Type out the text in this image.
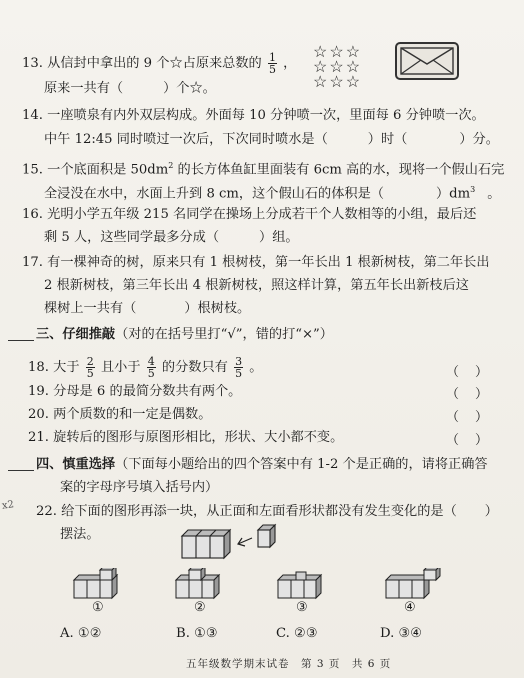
13. 从信封中拿出的 9 个☆占原来总数的 $\frac{1}{5}$ ，
原来一共有（	）个☆。
☆☆☆
☆☆☆
☆☆☆
14. 一座喷泉有内外双层构成。外面每 10 分钟喷一次，里面每 6 分钟喷一次。
中午 12:45 同时喷过一次后，下次同时喷水是（	）时（	）分。
15. 一个底面积是 $50dm^2$ 的长方体鱼缸里面装有 6cm 高的水，现将一个假山石完
全浸没在水中，水面上升到 8 cm，这个假山石的体积是（	）$dm^3$ 。
16. 光明小学五年级 215 名同学在操场上分成若干个人数相等的小组，最后还
剩 5 人，这些同学最多分成（	）组。
17. 有一棵神奇的树，原来只有 1 根树枝，第一年长出 1 根新树枝，第二年长出
2 根新树枝，第三年长出 4 根新树枝，照这样计算，第五年长出新枝后这
棵树上一共有（	）根树枝。
三、仔细推敲（对的在括号里打“√”，错的打“×”）
18. 大于 $\frac{2}{5}$ 且小于 $\frac{4}{5}$ 的分数只有 $\frac{3}{5}$ 。	（ ）
19. 分母是 6 的最简分数共有两个。	（ ）
20. 两个质数的和一定是偶数。	（ ）
21. 旋转后的图形与原图形相比，形状、大小都不变。	（ ）
四、慎重选择（下面每小题给出的四个答案中有 1-2 个是正确的，请将正确答
案的字母序号填入括号内）
x2 22. 给下面的图形再添一块，从正面和左面看形状都没有发生变化的是（ ）
摆法。
①	②	③	④
A. ①②	B. ①③	C. ②③	D. ③④
五年级数学期末试卷　第 3 页　共 6 页
